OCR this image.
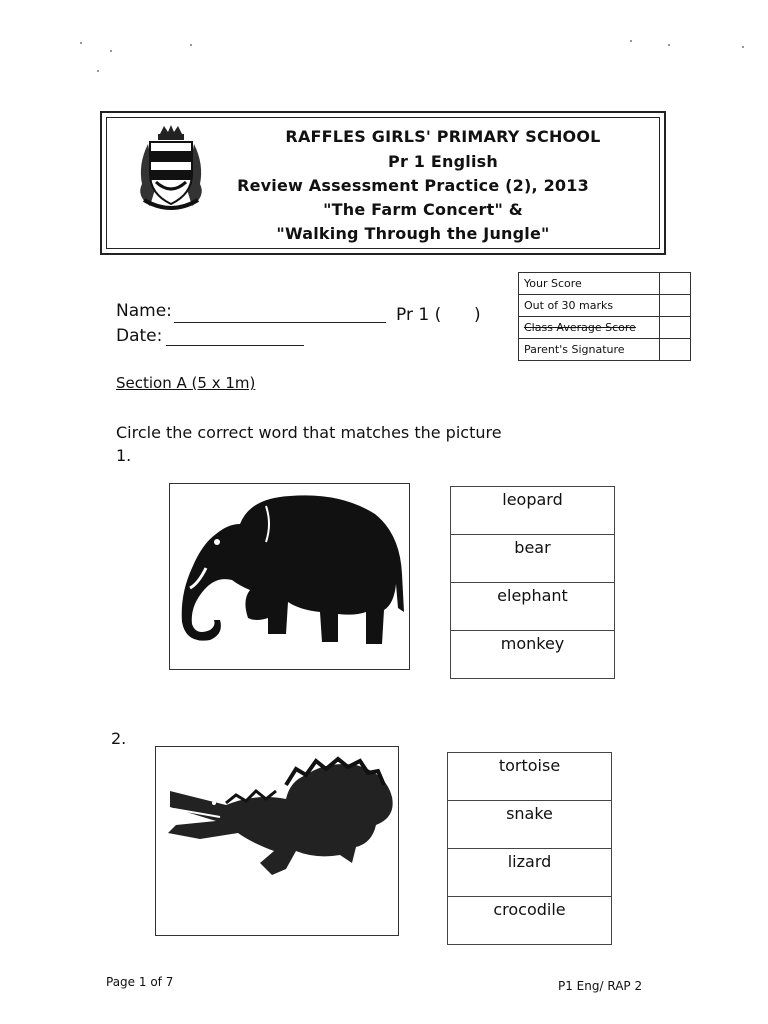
RAFFLES GIRLS' PRIMARY SCHOOL
Pr 1 English
Review Assessment Practice (2), 2013
"The Farm Concert" &
"Walking Through the Jungle"
Your Score	
Out of 30 marks	
Class Average Score	
Parent's Signature	
Name:	Pr 1 ( )
Date:
Section A (5 x 1m)
Circle the correct word that matches the picture
1.
leopard
bear
elephant
monkey
2.
tortoise
snake
lizard
crocodile
Page 1 of 7	P1 Eng/ RAP 2
